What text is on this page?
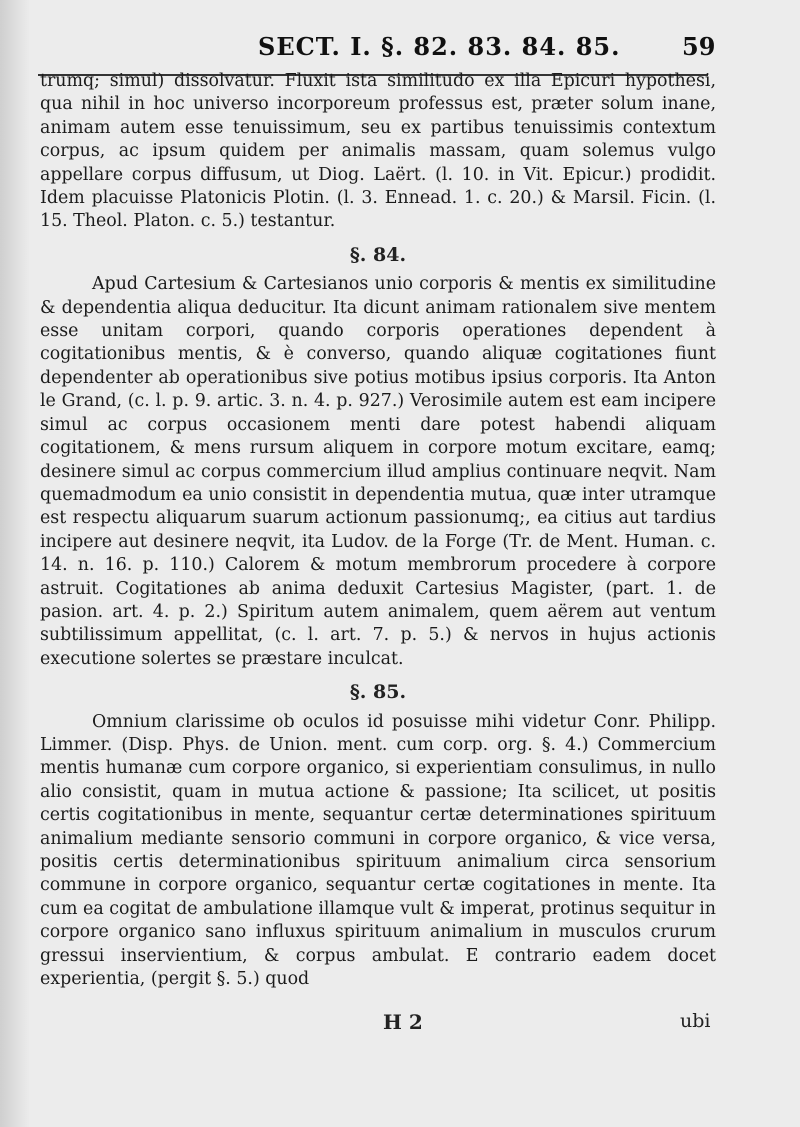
SECT. I. §. 82. 83. 84. 85.	59

trumq; simul) dissolvatur. Fluxit ista similitudo ex illa Epicuri hypothesi, qua nihil in hoc universo incorporeum professus est, præter solum inane, animam autem esse tenuissimum, seu ex partibus tenuissimis contextum corpus, ac ipsum quidem per animalis massam, quam solemus vulgo appellare corpus diffusum, ut Diog. Laërt. (l. 10. in Vit. Epicur.) prodidit. Idem placuisse Platonicis Plotin. (l. 3. Ennead. 1. c. 20.) & Marsil. Ficin. (l. 15. Theol. Platon. c. 5.) testantur.

§. 84.

Apud Cartesium & Cartesianos unio corporis & mentis ex similitudine & dependentia aliqua deducitur. Ita dicunt animam rationalem sive mentem esse unitam corpori, quando corporis operationes dependent à cogitationibus mentis, & è converso, quando aliquæ cogitationes fiunt dependenter ab operationibus sive potius motibus ipsius corporis. Ita Anton le Grand, (c. l. p. 9. artic. 3. n. 4. p. 927.) Verosimile autem est eam incipere simul ac corpus occasionem menti dare potest habendi aliquam cogitationem, & mens rursum aliquem in corpore motum excitare, eamq; desinere simul ac corpus commercium illud amplius continuare neqvit. Nam quemadmodum ea unio consistit in dependentia mutua, quæ inter utramque est respectu aliquarum suarum actionum passionumq;, ea citius aut tardius incipere aut desinere neqvit, ita Ludov. de la Forge (Tr. de Ment. Human. c. 14. n. 16. p. 110.) Calorem & motum membrorum procedere à corpore astruit. Cogitationes ab anima deduxit Cartesius Magister, (part. 1. de pasion. art. 4. p. 2.) Spiritum autem animalem, quem aërem aut ventum subtilissimum appellitat, (c. l. art. 7. p. 5.) & nervos in hujus actionis executione solertes se præstare inculcat.

§. 85.

Omnium clarissime ob oculos id posuisse mihi videtur Conr. Philipp. Limmer. (Disp. Phys. de Union. ment. cum corp. org. §. 4.) Commercium mentis humanæ cum corpore organico, si experientiam consulimus, in nullo alio consistit, quam in mutua actione & passione; Ita scilicet, ut positis certis cogitationibus in mente, sequantur certæ determinationes spirituum animalium mediante sensorio communi in corpore organico, & vice versa, positis certis determinationibus spirituum animalium circa sensorium commune in corpore organico, sequantur certæ cogitationes in mente. Ita cum ea cogitat de ambulatione illamque vult & imperat, protinus sequitur in corpore organico sano influxus spirituum animalium in musculos crurum gressui inservientium, & corpus ambulat. E contrario eadem docet experientia, (pergit §. 5.) quod

H 2	ubi
